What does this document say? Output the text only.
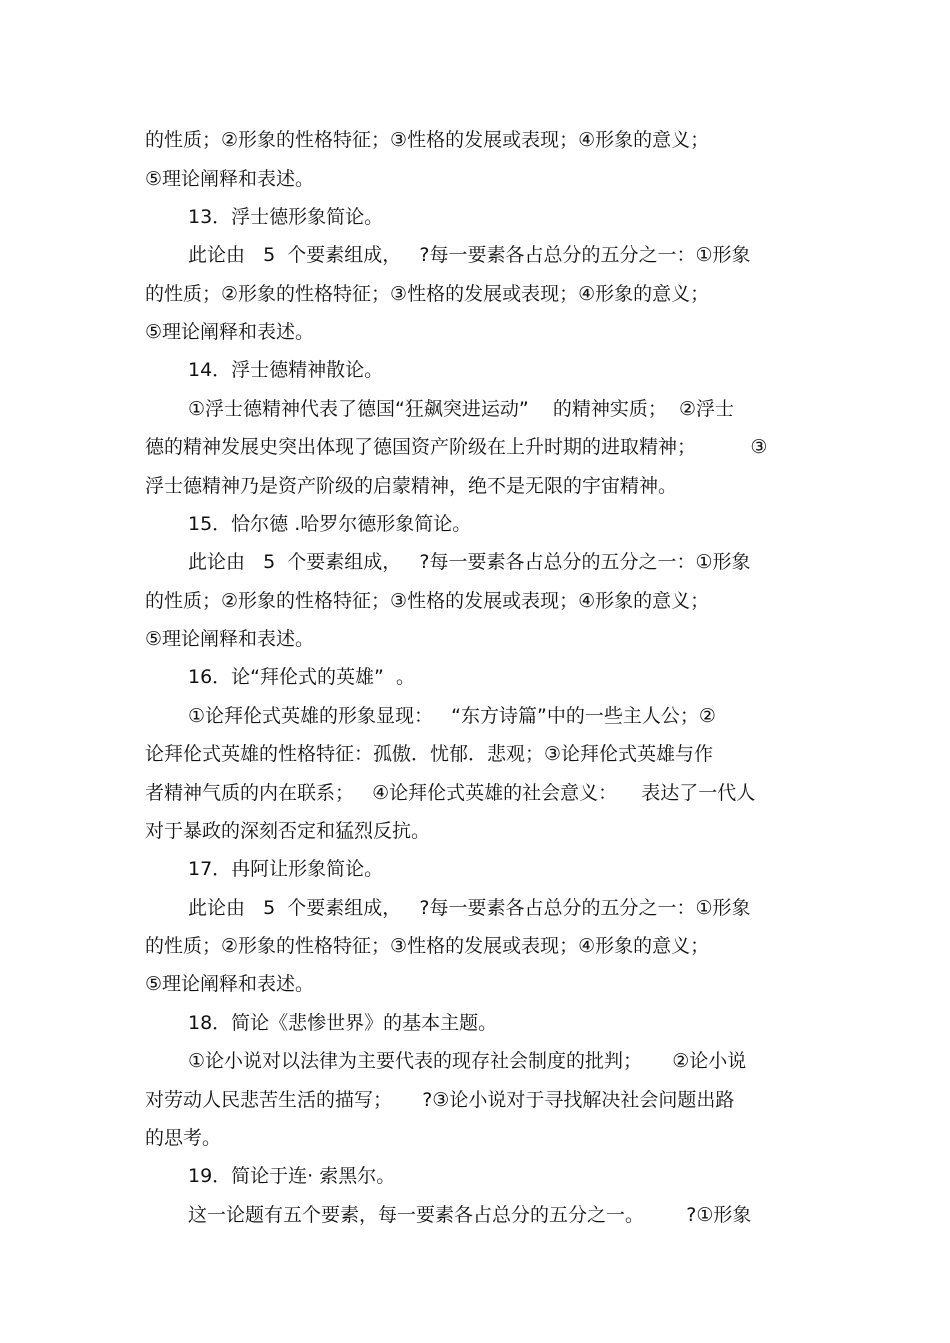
的性质；②形象的性格特征；③性格的发展或表现；④形象的意义；
⑤理论阐释和表述。
13．浮士德形象简论。
此论由   5  个要素组成，   ?每一要素各占总分的五分之一：①形象
的性质；②形象的性格特征；③性格的发展或表现；④形象的意义；
⑤理论阐释和表述。
14．浮士德精神散论。
①浮士德精神代表了德国“狂飙突进运动”    的精神实质；  ②浮士
德的精神发展史突出体现了德国资产阶级在上升时期的进取精神；         ③
浮士德精神乃是资产阶级的启蒙精神，绝不是无限的宇宙精神。
15．恰尔德 .哈罗尔德形象简论。
此论由   5  个要素组成，   ?每一要素各占总分的五分之一：①形象
的性质；②形象的性格特征；③性格的发展或表现；④形象的意义；
⑤理论阐释和表述。
16．论“拜伦式的英雄”  。
①论拜伦式英雄的形象显现：   “东方诗篇”中的一些主人公；②
论拜伦式英雄的性格特征：孤傲．忧郁．悲观；③论拜伦式英雄与作
者精神气质的内在联系；   ④论拜伦式英雄的社会意义：    表达了一代人
对于暴政的深刻否定和猛烈反抗。
17．冉阿让形象简论。
此论由   5  个要素组成，   ?每一要素各占总分的五分之一：①形象
的性质；②形象的性格特征；③性格的发展或表现；④形象的意义；
⑤理论阐释和表述。
18．简论《悲惨世界》的基本主题。
①论小说对以法律为主要代表的现存社会制度的批判；     ②论小说
对劳动人民悲苦生活的描写；     ?③论小说对于寻找解决社会问题出路
的思考。
19．简论于连· 索黑尔。
这一论题有五个要素，每一要素各占总分的五分之一。       ?①形象
